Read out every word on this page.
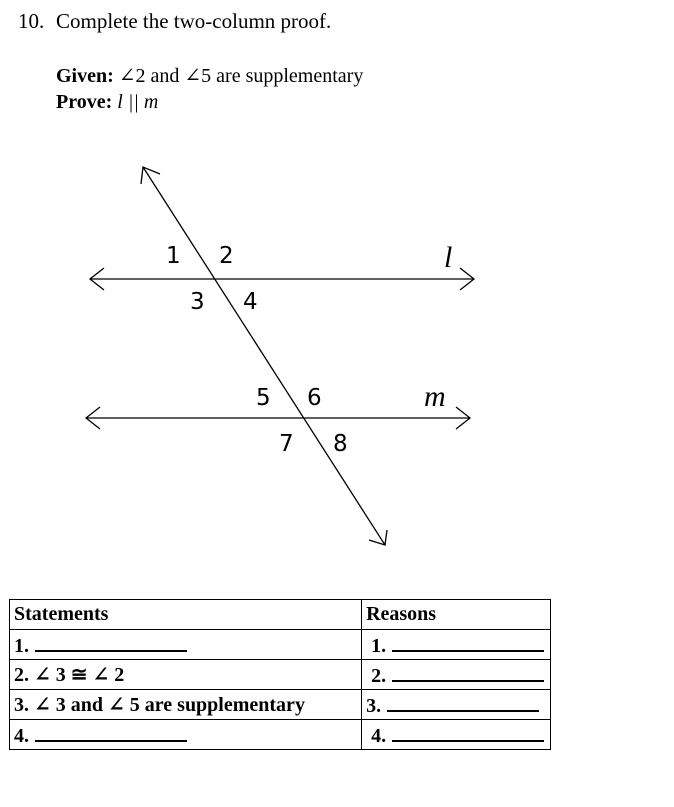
10. Complete the two-column proof.
Given: ∠2 and ∠5 are supplementary
Prove: l || m
1 2
3 4
5 6
7 8
l
m
Statements	Reasons
1.	1.
2. ∠ 3 ≅ ∠ 2	2.
3. ∠ 3 and ∠ 5 are supplementary	3.
4.	4.
